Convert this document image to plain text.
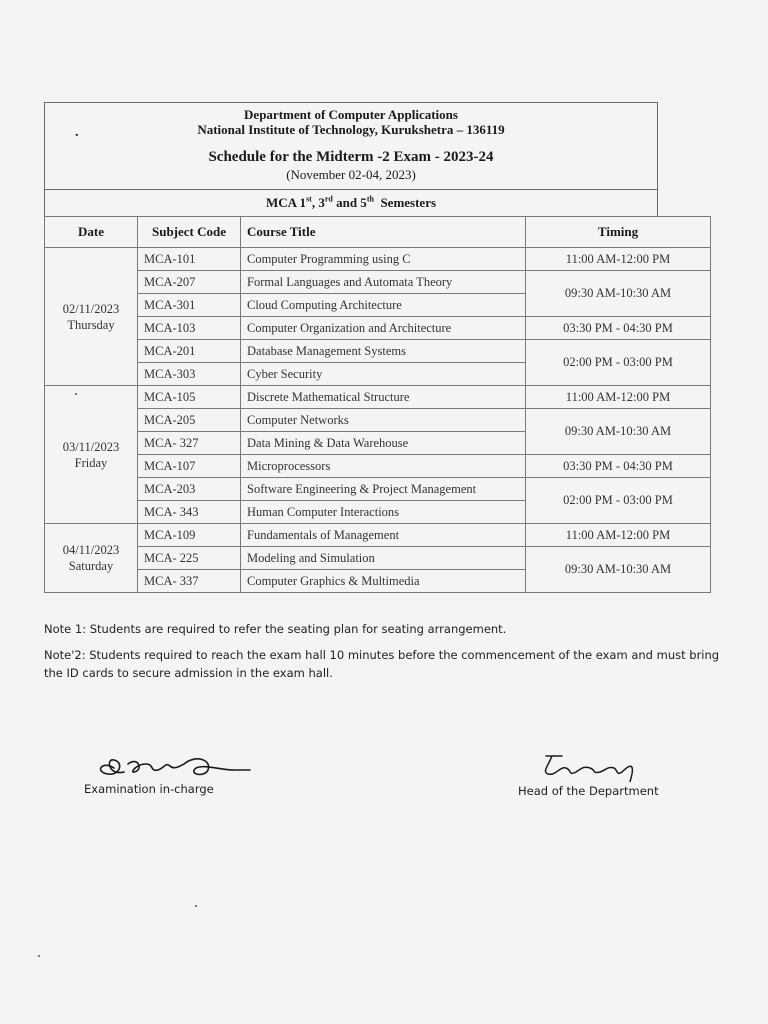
.
Department of Computer Applications
National Institute of Technology, Kurukshetra – 136119
Schedule for the Midterm -2 Exam - 2023-24
(November 02-04, 2023)
MCA 1st, 3rd and 5th  Semesters
Date	Subject Code	Course Title	Timing

02/11/2023
Thursday	MCA-101	Computer Programming using C	11:00 AM-12:00 PM
	MCA-207	Formal Languages and Automata Theory	09:30 AM-10:30 AM
	MCA-301	Cloud Computing Architecture	
	MCA-103	Computer Organization and Architecture	03:30 PM - 04:30 PM
	MCA-201	Database Management Systems	02:00 PM - 03:00 PM
	MCA-303	Cyber Security	

03/11/2023
Friday	MCA-105	Discrete Mathematical Structure	11:00 AM-12:00 PM
	MCA-205	Computer Networks	09:30 AM-10:30 AM
	MCA- 327	Data Mining & Data Warehouse	
	MCA-107	Microprocessors	03:30 PM - 04:30 PM
	MCA-203	Software Engineering & Project Management	02:00 PM - 03:00 PM
	MCA- 343	Human Computer Interactions	

04/11/2023
Saturday	MCA-109	Fundamentals of Management	11:00 AM-12:00 PM
	MCA- 225	Modeling and Simulation	09:30 AM-10:30 AM
	MCA- 337	Computer Graphics & Multimedia	
Note 1: Students are required to refer the seating plan for seating arrangement.
Note'2: Students required to reach the exam hall 10 minutes before the commencement of the exam and must bring the ID cards to secure admission in the exam hall.
Examination in-charge	Head of the Department
